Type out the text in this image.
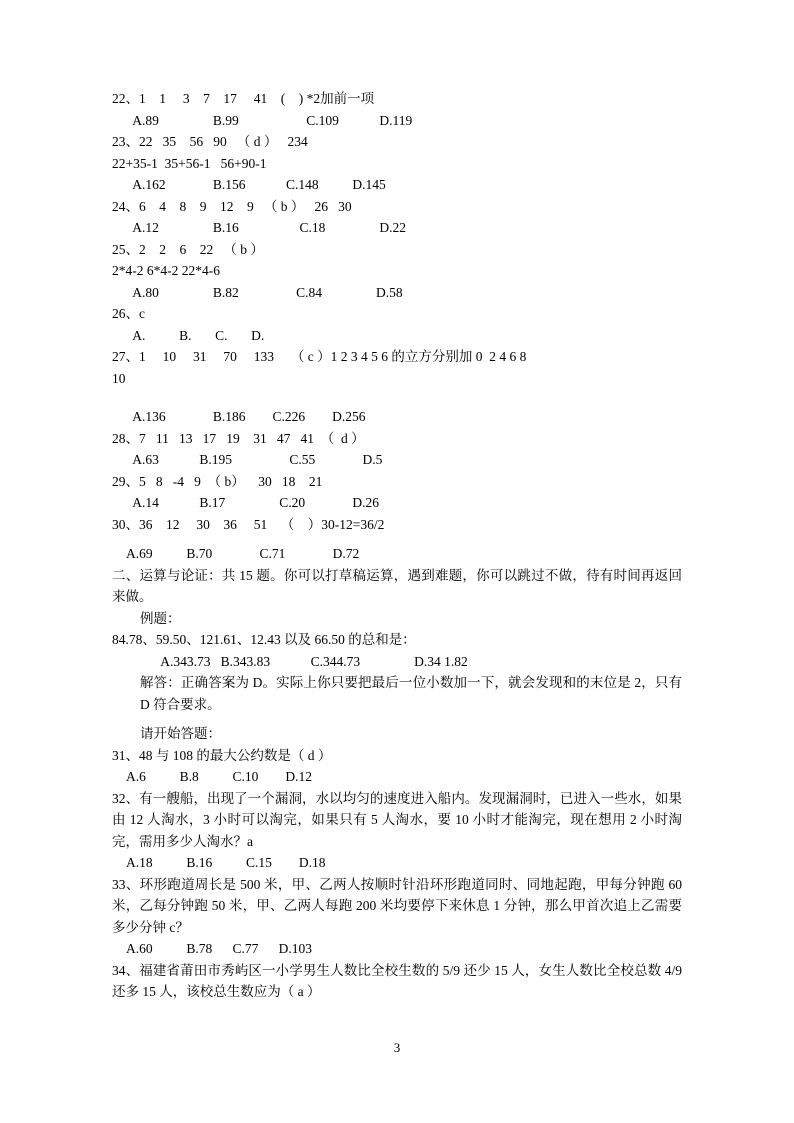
22、1    1     3    7    17     41    (    ) *2加前一项
A.89                B.99                    C.109            D.119
23、22   35    56   90   （ d ）   234
22+35-1  35+56-1   56+90-1
A.162              B.156            C.148          D.145
24、6    4    8    9    12    9   （ b ）   26   30
A.12                B.16                  C.18                D.22
25、2    2    6    22   （ b ）
2*4-2 6*4-2 22*4-6
A.80                B.82                 C.84                D.58
26、c
A.          B.       C.       D.
27、1     10     31     70     133     （ c ）1 2 3 4 5 6 的立方分别加 0  2 4 6 8
10
A.136              B.186        C.226        D.256
28、7   11   13   17   19    31   47   41  （  d ）
A.63            B.195                 C.55              D.5
29、5   8   -4   9  （ b）    30   18    21
A.14            B.17                C.20              D.26
30、36    12     30    36     51    （    ）30-12=36/2
A.69          B.70              C.71              D.72
二、运算与论证：共 15 题。你可以打草稿运算，遇到难题，你可以跳过不做，待有时间再返回来做。
例题：
84.78、59.50、121.61、12.43 以及 66.50 的总和是：
A.343.73   B.343.83            C.344.73                D.34 1.82
解答：正确答案为 D。实际上你只要把最后一位小数加一下，就会发现和的末位是 2，只有 D 符合要求。
请开始答题：
31、48 与 108 的最大公约数是（ d ）
A.6          B.8          C.10        D.12
32、有一艘船，出现了一个漏洞，水以均匀的速度进入船内。发现漏洞时，已进入一些水，如果由 12 人淘水，3 小时可以淘完，如果只有 5 人淘水，要 10 小时才能淘完，现在想用 2 小时淘完，需用多少人淘水？a
A.18          B.16          C.15        D.18
33、环形跑道周长是 500 米，甲、乙两人按顺时针沿环形跑道同时、同地起跑，甲每分钟跑 60 米，乙每分钟跑 50 米，甲、乙两人每跑 200 米均要停下来休息 1 分钟，那么甲首次追上乙需要多少分钟 c？
A.60          B.78      C.77      D.103
34、福建省莆田市秀屿区一小学男生人数比全校生数的 5/9 还少 15 人，女生人数比全校总数 4/9 还多 15 人，该校总生数应为（ a ）
3
